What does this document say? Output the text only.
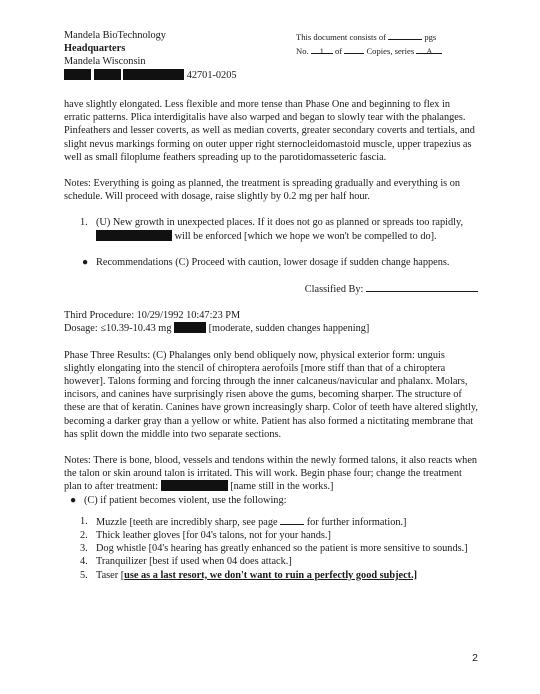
Mandela BioTechnology
Headquarters
Mandela Wisconsin
42701-0205
This document consists of	pgs
No. 1 of	Copies, series A

have slightly elongated. Less flexible and more tense than Phase One and beginning to flex in erratic patterns. Plica interdigitalis have also warped and began to slowly tear with the phalanges. Pinfeathers and lesser coverts, as well as median coverts, greater secondary coverts and tertials, and slight nevus markings forming on outer upper right sternocleidomastoid muscle, upper trapezius as well as small filoplume feathers spreading up to the parotidomasseteric fascia.

Notes: Everything is going as planned, the treatment is spreading gradually and everything is on schedule. Will proceed with dosage, raise slightly by 0.2 mg per half hour.

1. (U) New growth in unexpected places. If it does not go as planned or spreads too rapidly,  will be enforced [which we hope we won't be compelled to do].

● Recommendations (C) Proceed with caution, lower dosage if sudden change happens.

Classified By:
Third Procedure: 10/29/1992 10:47:23 PM

Dosage: ≤10.39-10.43 mg	[moderate, sudden changes happening]

Phase Three Results: (C) Phalanges only bend obliquely now, physical exterior form: unguis slightly elongating into the stencil of chiroptera aerofoils [more stiff than that of a chiroptera however]. Talons forming and forcing through the inner calcaneus/navicular and phalanx. Molars, incisors, and canines have surprisingly risen above the gums, becoming sharper. The structure of these are that of keratin. Canines have grown increasingly sharp. Color of teeth have altered slightly, becoming a darker gray than a yellow or white. Patient has also formed a nictitating membrane that has split down the middle into two separate sections.

Notes: There is bone, blood, vessels and tendons within the newly formed talons, it also reacts when the talon or skin around talon is irritated. This will work. Begin phase four; change the treatment plan to after treatment:	[name still in the works.]

● (C) if patient becomes violent, use the following:

1. Muzzle [teeth are incredibly sharp, see page	for further information.]
2. Thick leather gloves [for 04's talons, not for your hands.]
3. Dog whistle [04's hearing has greatly enhanced so the patient is more sensitive to sounds.]
4. Tranquilizer [best if used when 04 does attack.]
5. Taser [use as a last resort, we don't want to ruin a perfectly good subject.]
2
